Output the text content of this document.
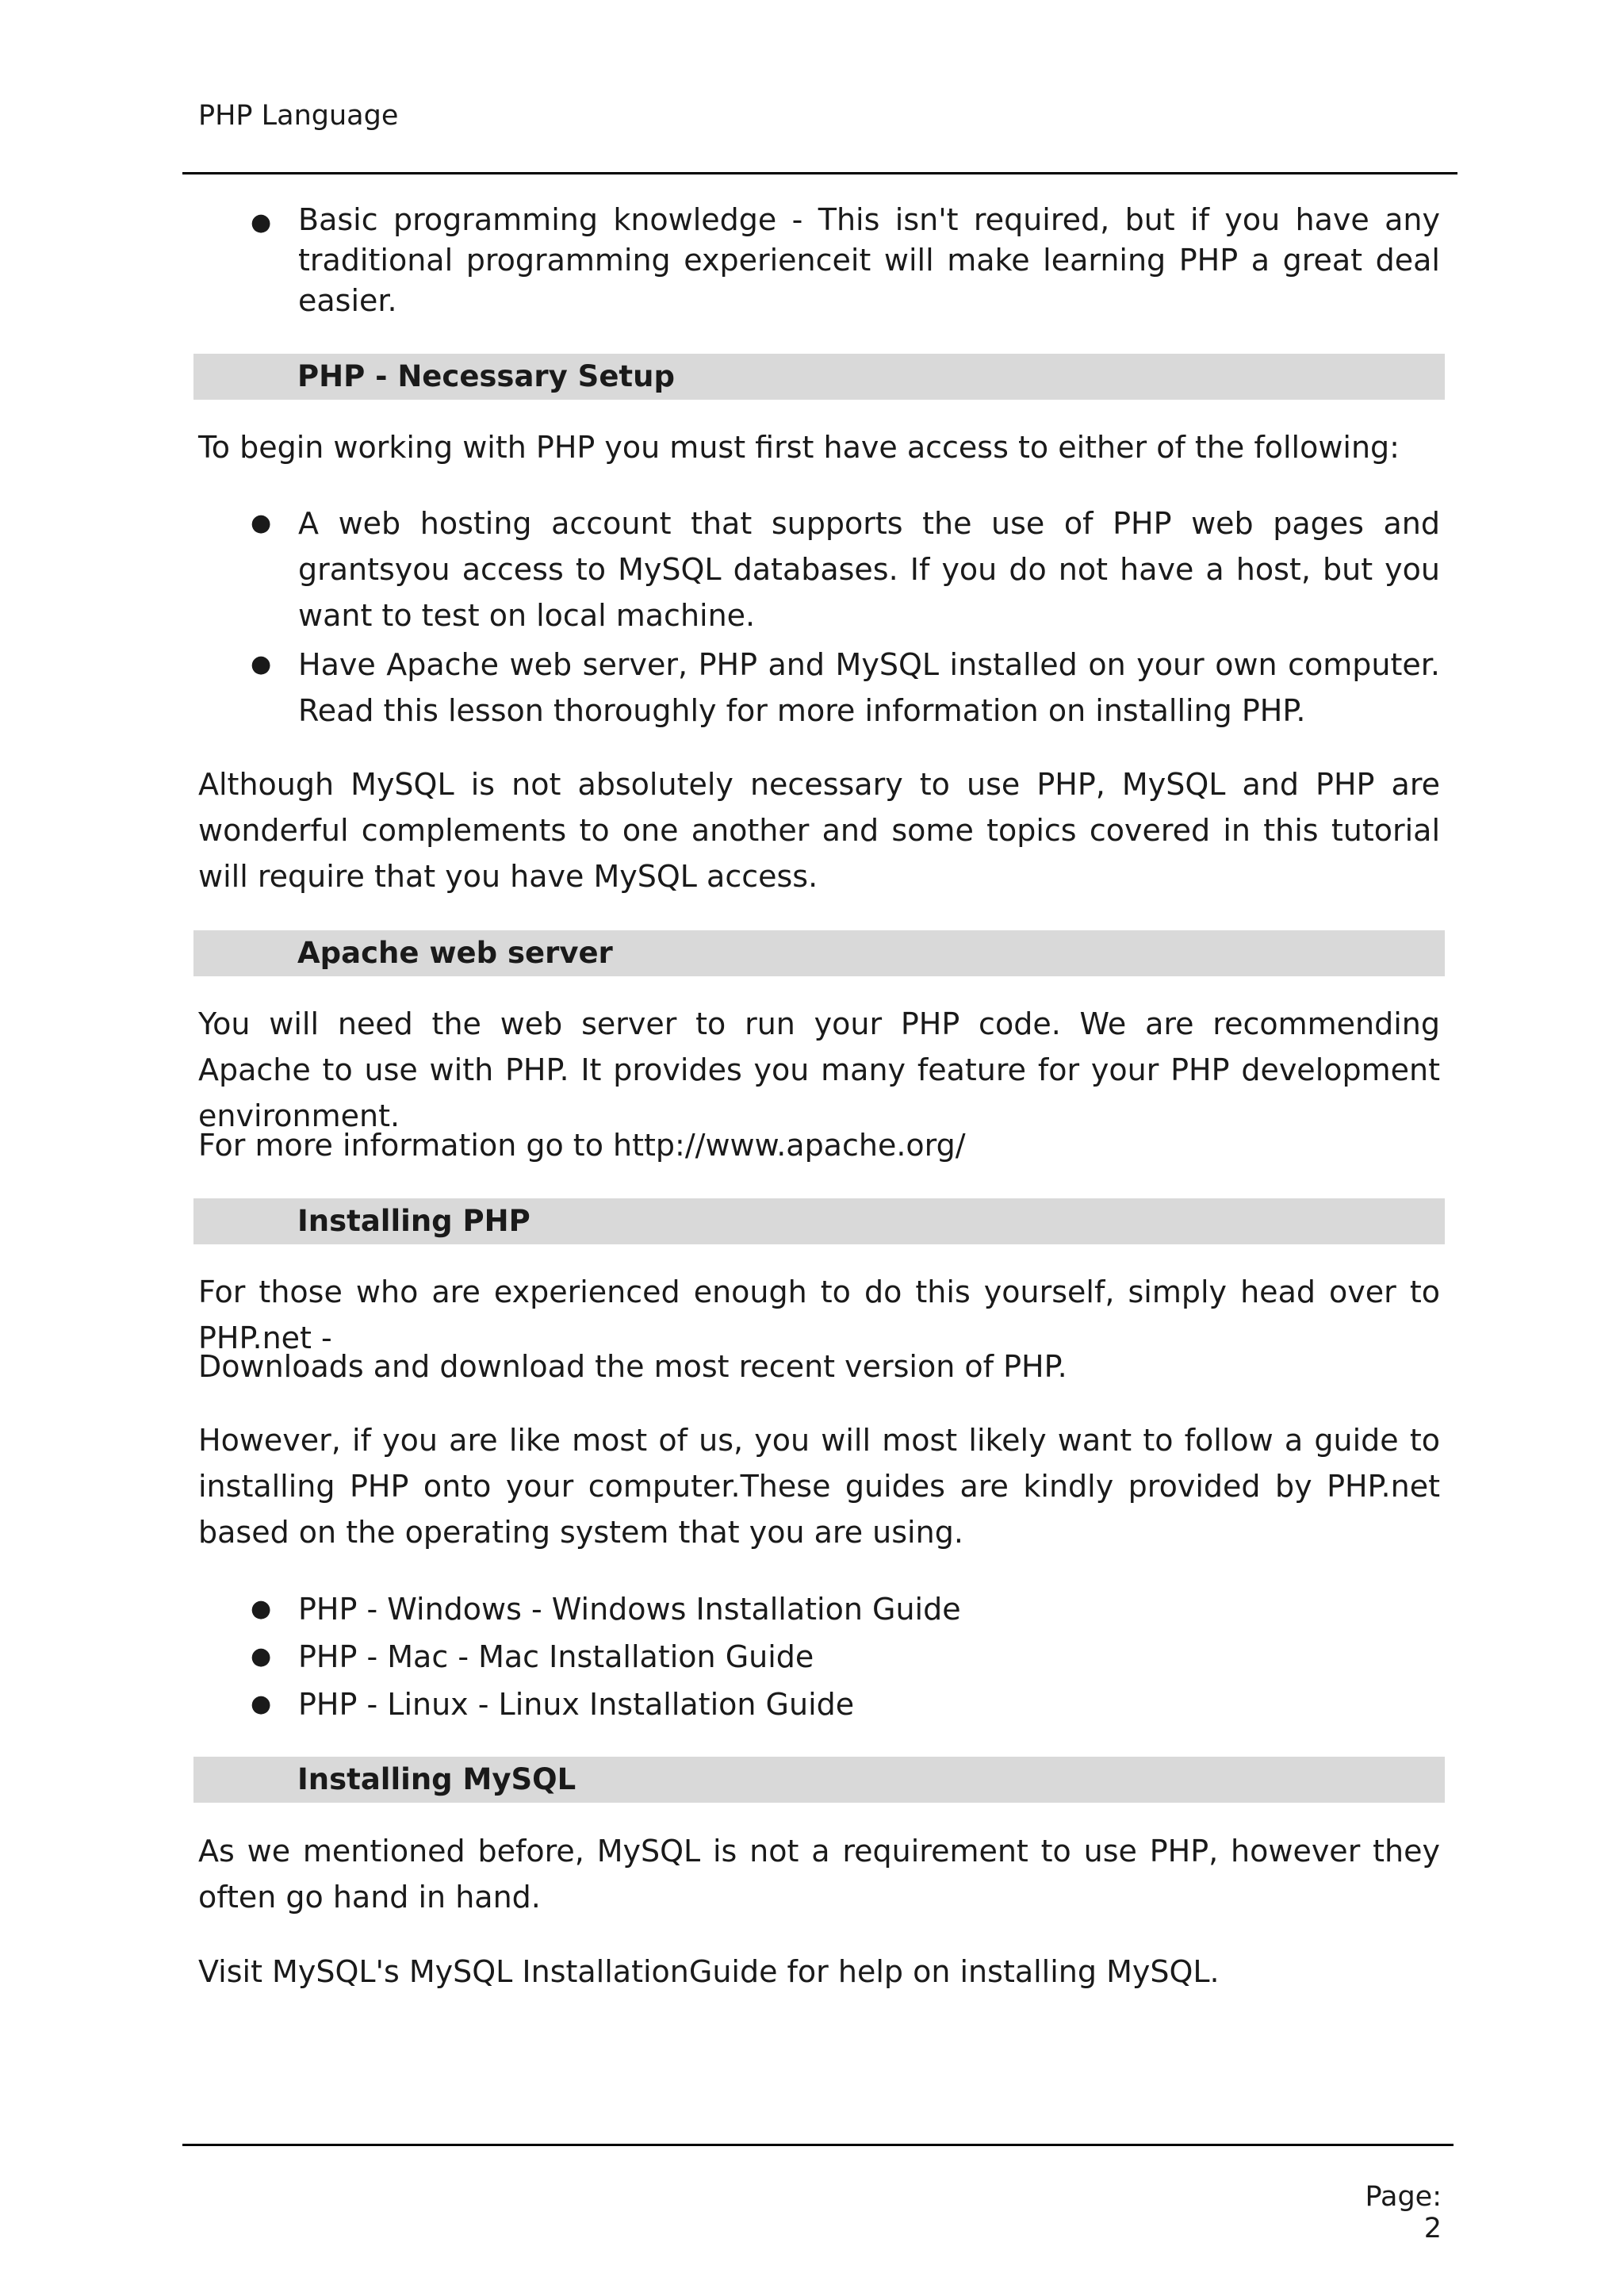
PHP Language
● Basic programming knowledge - This isn't required, but if you have any traditional programming experienceit will make learning PHP a great deal easier.
PHP - Necessary Setup

To begin working with PHP you must first have access to either of the following:

● A web hosting account that supports the use of PHP web pages and grantsyou access to MySQL databases. If you do not have a host, but you want to test on local machine.
● Have Apache web server, PHP and MySQL installed on your own computer. Read this lesson thoroughly for more information on installing PHP.

Although MySQL is not absolutely necessary to use PHP, MySQL and PHP are wonderful complements to one another and some topics covered in this tutorial will require that you have MySQL access.

Apache web server

You will need the web server to run your PHP code. We are recommending Apache to use with PHP. It provides you many feature for your PHP development environment.

For more information go to http://www.apache.org/

Installing PHP

For those who are experienced enough to do this yourself, simply head over to PHP.net -

Downloads and download the most recent version of PHP.

However, if you are like most of us, you will most likely want to follow a guide to installing PHP onto your computer.These guides are kindly provided by PHP.net based on the operating system that you are using.

● PHP - Windows - Windows Installation Guide
● PHP - Mac - Mac Installation Guide
● PHP - Linux - Linux Installation Guide
Installing MySQL

As we mentioned before, MySQL is not a requirement to use PHP, however they often go hand in hand.

Visit MySQL's MySQL InstallationGuide for help on installing MySQL.

Page: 2
